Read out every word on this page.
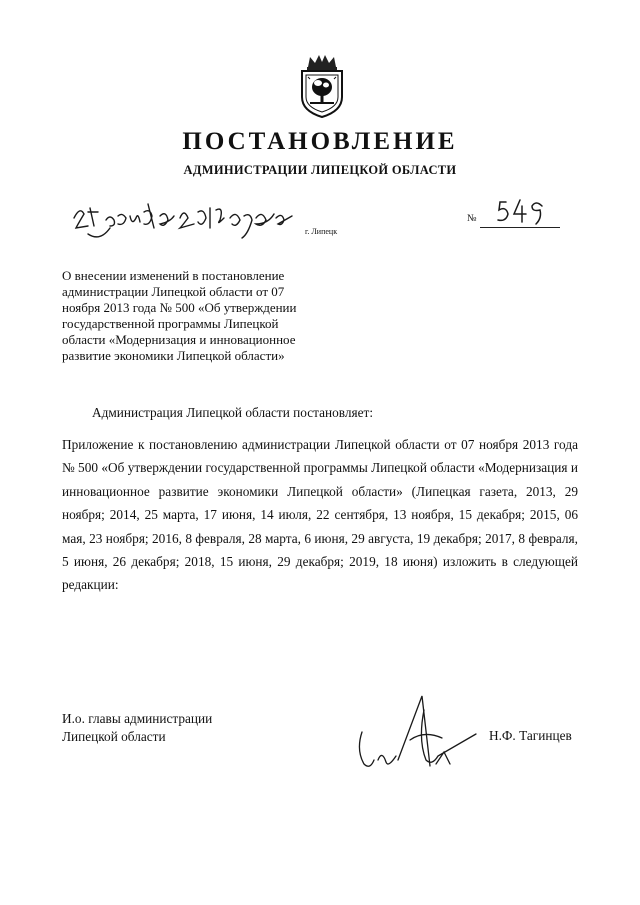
ПОСТАНОВЛЕНИЕ
АДМИНИСТРАЦИИ ЛИПЕЦКОЙ ОБЛАСТИ
г. Липецк
№
О внесении изменений в постановление
администрации Липецкой области от 07
ноября 2013 года № 500 «Об утверждении
государственной программы Липецкой
области «Модернизация и инновационное
развитие экономики Липецкой области»
Администрация Липецкой области постановляет:
Приложение к постановлению администрации Липецкой области от 07 ноября 2013 года № 500 «Об утверждении государственной программы Липецкой области «Модернизация и инновационное развитие экономики Липецкой области» (Липецкая газета, 2013, 29 ноября; 2014, 25 марта, 17 июня, 14 июля, 22 сентября, 13 ноября, 15 декабря; 2015, 06 мая, 23 ноября; 2016, 8 февраля, 28 марта, 6 июня, 29 августа, 19 декабря; 2017, 8 февраля, 5 июня, 26 декабря; 2018, 15 июня, 29 декабря; 2019, 18 июня) изложить в следующей редакции:
И.о. главы администрации
Липецкой области	Н.Ф. Тагинцев
